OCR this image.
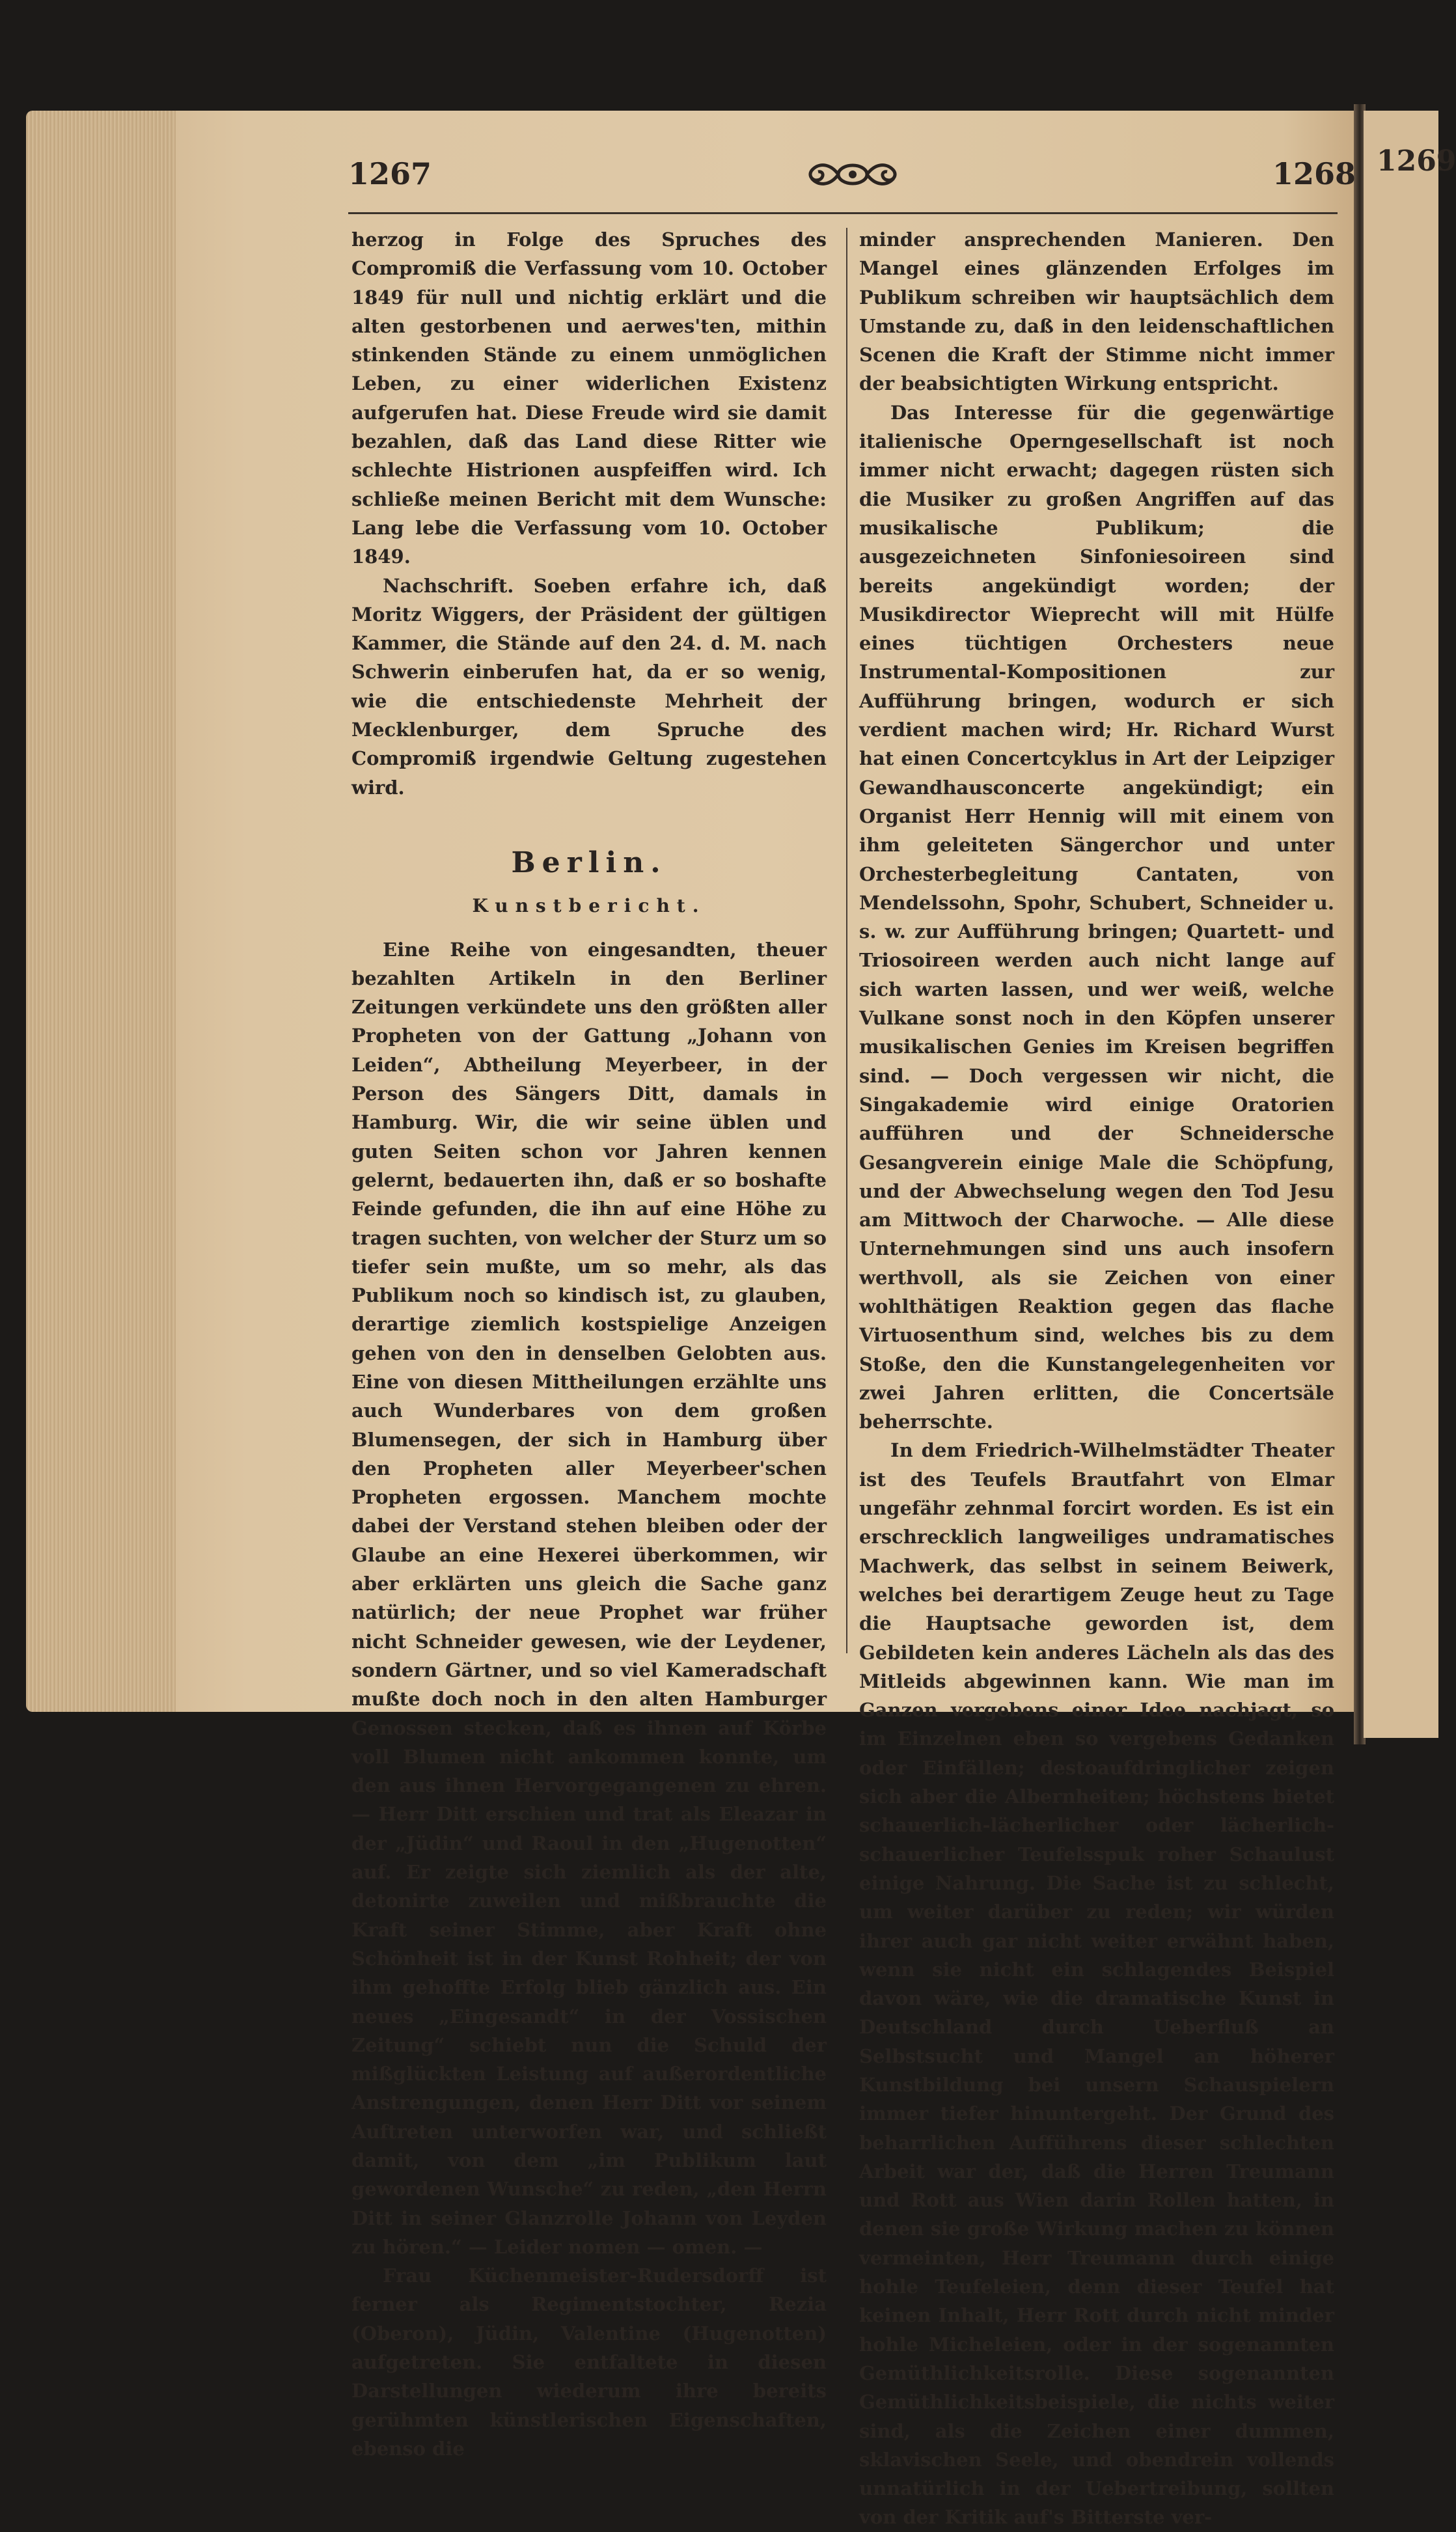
1269
1267	1268

herzog in Folge des Spruches des Compromiß die Verfassung vom 10. October 1849 für null und nichtig erklärt und die alten gestorbenen und aerwes'ten, mithin stinkenden Stände zu einem unmöglichen Leben, zu einer widerlichen Existenz aufgerufen hat. Diese Freude wird sie damit bezahlen, daß das Land diese Ritter wie schlechte Histrionen auspfeiffen wird. Ich schließe meinen Bericht mit dem Wunsche: Lang lebe die Verfassung vom 10. October 1849.

Nachschrift. Soeben erfahre ich, daß Moritz Wiggers, der Präsident der gültigen Kammer, die Stände auf den 24. d. M. nach Schwerin einberufen hat, da er so wenig, wie die entschiedenste Mehrheit der Mecklenburger, dem Spruche des Compromiß irgendwie Geltung zugestehen wird.

Berlin.
Kunstbericht.

Eine Reihe von eingesandten, theuer bezahlten Artikeln in den Berliner Zeitungen verkündete uns den größten aller Propheten von der Gattung „Johann von Leiden“, Abtheilung Meyerbeer, in der Person des Sängers Ditt, damals in Hamburg. Wir, die wir seine üblen und guten Seiten schon vor Jahren kennen gelernt, bedauerten ihn, daß er so boshafte Feinde gefunden, die ihn auf eine Höhe zu tragen suchten, von welcher der Sturz um so tiefer sein mußte, um so mehr, als das Publikum noch so kindisch ist, zu glauben, derartige ziemlich kostspielige Anzeigen gehen von den in denselben Gelobten aus. Eine von diesen Mittheilungen erzählte uns auch Wunderbares von dem großen Blumensegen, der sich in Hamburg über den Propheten aller Meyerbeer'schen Propheten ergossen. Manchem mochte dabei der Verstand stehen bleiben oder der Glaube an eine Hexerei überkommen, wir aber erklärten uns gleich die Sache ganz natürlich; der neue Prophet war früher nicht Schneider gewesen, wie der Leydener, sondern Gärtner, und so viel Kameradschaft mußte doch noch in den alten Hamburger Genossen stecken, daß es ihnen auf Körbe voll Blumen nicht ankommen konnte, um den aus ihnen Hervorgegangenen zu ehren. — Herr Ditt erschien und trat als Eleazar in der „Jüdin“ und Raoul in den „Hugenotten“ auf. Er zeigte sich ziemlich als der alte, detonirte zuweilen und mißbrauchte die Kraft seiner Stimme, aber Kraft ohne Schönheit ist in der Kunst Rohheit; der von ihm gehoffte Erfolg blieb gänzlich aus. Ein neues „Eingesandt“ in der Vossischen Zeitung“ schiebt nun die Schuld der mißglückten Leistung auf außerordentliche Anstrengungen, denen Herr Ditt vor seinem Auftreten unterworfen war, und schließt damit, von dem „im Publikum laut gewordenen Wunsche“ zu reden, „den Herrn Ditt in seiner Glanzrolle Johann von Leyden zu hören.“ — Leider nomen — omen. —

Frau Küchenmeister-Rudersdorff ist ferner als Regimentstochter, Rezia (Oberon), Jüdin, Valentine (Hugenotten) aufgetreten. Sie entfaltete in diesen Darstellungen wiederum ihre bereits gerühmten künstlerischen Eigenschaften, ebenso die

minder ansprechenden Manieren. Den Mangel eines glänzenden Erfolges im Publikum schreiben wir hauptsächlich dem Umstande zu, daß in den leidenschaftlichen Scenen die Kraft der Stimme nicht immer der beabsichtigten Wirkung entspricht.

Das Interesse für die gegenwärtige italienische Operngesellschaft ist noch immer nicht erwacht; dagegen rüsten sich die Musiker zu großen Angriffen auf das musikalische Publikum; die ausgezeichneten Sinfoniesoireen sind bereits angekündigt worden; der Musikdirector Wieprecht will mit Hülfe eines tüchtigen Orchesters neue Instrumental-Kompositionen zur Aufführung bringen, wodurch er sich verdient machen wird; Hr. Richard Wurst hat einen Concertcyklus in Art der Leipziger Gewandhausconcerte angekündigt; ein Organist Herr Hennig will mit einem von ihm geleiteten Sängerchor und unter Orchesterbegleitung Cantaten, von Mendelssohn, Spohr, Schubert, Schneider u. s. w. zur Aufführung bringen; Quartett- und Triosoireen werden auch nicht lange auf sich warten lassen, und wer weiß, welche Vulkane sonst noch in den Köpfen unserer musikalischen Genies im Kreisen begriffen sind. — Doch vergessen wir nicht, die Singakademie wird einige Oratorien aufführen und der Schneidersche Gesangverein einige Male die Schöpfung, und der Abwechselung wegen den Tod Jesu am Mittwoch der Charwoche. — Alle diese Unternehmungen sind uns auch insofern werthvoll, als sie Zeichen von einer wohlthätigen Reaktion gegen das flache Virtuosenthum sind, welches bis zu dem Stoße, den die Kunstangelegenheiten vor zwei Jahren erlitten, die Concertsäle beherrschte.

In dem Friedrich-Wilhelmstädter Theater ist des Teufels Brautfahrt von Elmar ungefähr zehnmal forcirt worden. Es ist ein erschrecklich langweiliges undramatisches Machwerk, das selbst in seinem Beiwerk, welches bei derartigem Zeuge heut zu Tage die Hauptsache geworden ist, dem Gebildeten kein anderes Lächeln als das des Mitleids abgewinnen kann. Wie man im Ganzen vergebens einer Idee nachjagt, so im Einzelnen eben so vergebens Gedanken oder Einfällen; destoaufdringlicher zeigen sich aber die Albernheiten; höchstens bietet schauerlich-lächerlicher oder lächerlich-schauerlicher Teufelsspuk roher Schaulust einige Nahrung. Die Sache ist zu schlecht, um weiter darüber zu reden; wir würden ihrer auch gar nicht weiter erwähnt haben, wenn sie nicht ein schlagendes Beispiel davon wäre, wie die dramatische Kunst in Deutschland durch Ueberfluß an Selbstsucht und Mangel an höherer Kunstbildung bei unsern Schauspielern immer tiefer hinuntergeht. Der Grund des beharrlichen Aufführens dieser schlechten Arbeit war der, daß die Herren Treumann und Rott aus Wien darin Rollen hatten, in denen sie große Wirkung machen zu können vermeinten, Herr Treumann durch einige hohle Teufeleien, denn dieser Teufel hat keinen Inhalt, Herr Rott durch nicht minder hohle Micheleien, oder in der sogenannten Gemüthlichkeitsrolle. Diese sogenannten Gemüthlichkeitsbeispiele, die nichts weiter sind, als die Zeichen einer dummen, sklavischen Seele, und obendrein vollends unnatürlich in der Uebertreibung, sollten von der Kritik auf's Bitterste ver-
